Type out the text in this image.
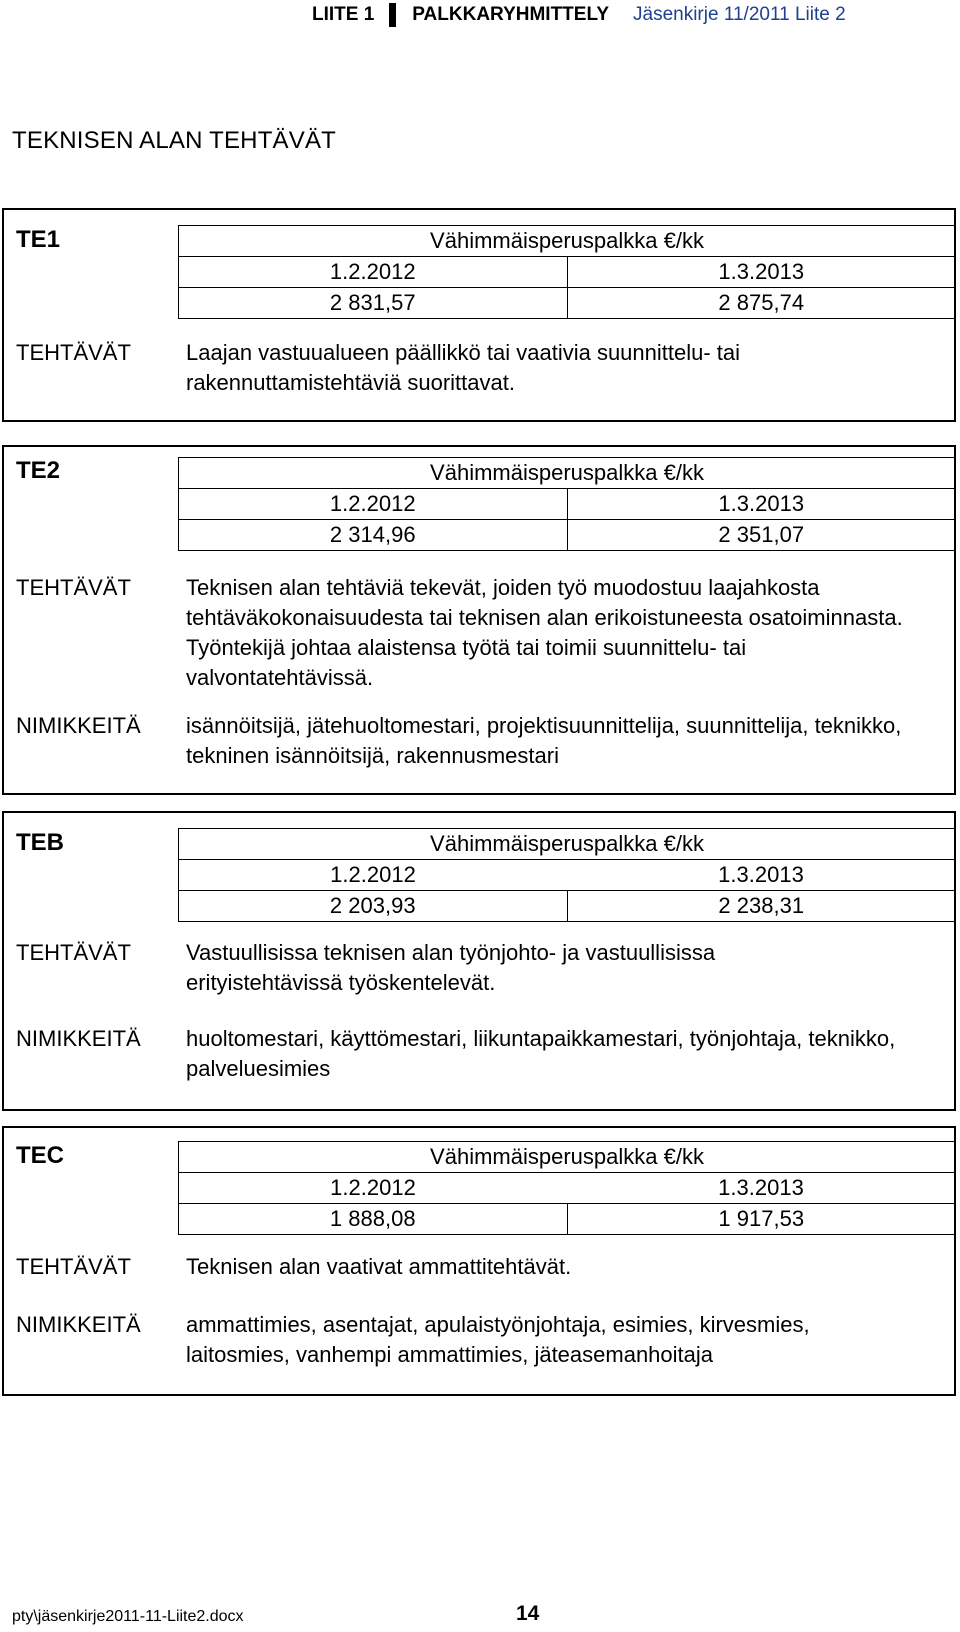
LIITE 1 PALKKARYHMITTELY Jäsenkirje 11/2011 Liite 2
TEKNISEN ALAN TEHTÄVÄT
TE1	Vähimmäisperuspalkka €/kk
1.2.2012	1.3.2013
2 831,57	2 875,74
TEHTÄVÄT	Laajan vastuualueen päällikkö tai vaativia suunnittelu- tai rakennuttamistehtäviä suorittavat.
TE2	Vähimmäisperuspalkka €/kk
1.2.2012	1.3.2013
2 314,96	2 351,07
TEHTÄVÄT	Teknisen alan tehtäviä tekevät, joiden työ muodostuu laajahkosta tehtäväkokonaisuudesta tai teknisen alan erikoistuneesta osatoiminnasta. Työntekijä johtaa alaistensa työtä tai toimii suunnittelu- tai valvontatehtävissä.
NIMIKKEITÄ isännöitsijä, jätehuoltomestari, projektisuunnittelija, suunnittelija, teknikko, tekninen isännöitsijä, rakennusmestari
TEB	Vähimmäisperuspalkka €/kk
1.2.2012	1.3.2013
2 203,93	2 238,31
TEHTÄVÄT	Vastuullisissa teknisen alan työnjohto- ja vastuullisissa erityistehtävissä työskentelevät.
NIMIKKEITÄ huoltomestari, käyttömestari, liikuntapaikkamestari, työnjohtaja, teknikko, palveluesimies
TEC	Vähimmäisperuspalkka €/kk
1.2.2012	1.3.2013
1 888,08	1 917,53
TEHTÄVÄT	Teknisen alan vaativat ammattitehtävät.
NIMIKKEITÄ ammattimies, asentajat, apulaistyönjohtaja, esimies, kirvesmies, laitosmies, vanhempi ammattimies, jäteasemanhoitaja
pty\jäsenkirje2011-11-Liite2.docx	14
